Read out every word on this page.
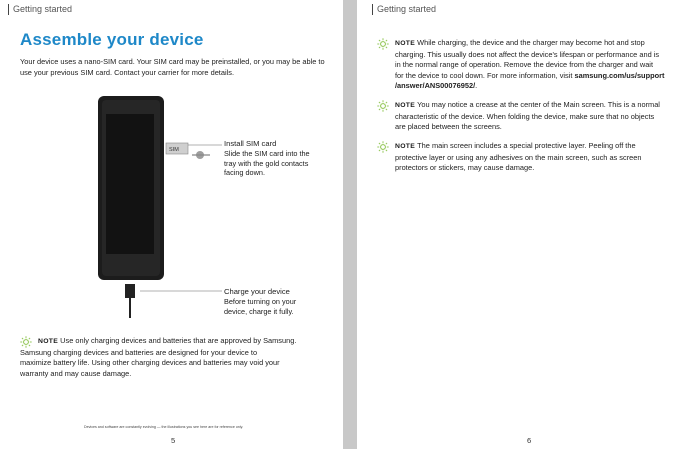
Getting started
Assemble your device
Your device uses a nano-SIM card. Your SIM card may be preinstalled, or you may be able to use your previous SIM card. Contact your carrier for more details.
SIM
Install SIM card
Slide the SIM card into the
tray with the gold contacts
facing down.
Charge your device
Before turning on your
device, charge it fully.
NOTE Use only charging devices and batteries that are approved by Samsung.
Samsung charging devices and batteries are designed for your device to
maximize battery life. Using other charging devices and batteries may void your
warranty and may cause damage.
Devices and software are constantly evolving — the illustrations you see here are for reference only.
5
Getting started
NOTE While charging, the device and the charger may become hot and stop
charging. This usually does not affect the device's lifespan or performance and is
in the normal range of operation. Remove the device from the charger and wait
for the device to cool down. For more information, visit samsung.com/us/support
/answer/ANS00076952/.
NOTE You may notice a crease at the center of the Main screen. This is a normal
characteristic of the device. When folding the device, make sure that no objects
are placed between the screens.
NOTE The main screen includes a special protective layer. Peeling off the
protective layer or using any adhesives on the main screen, such as screen
protectors or stickers, may cause damage.
6
